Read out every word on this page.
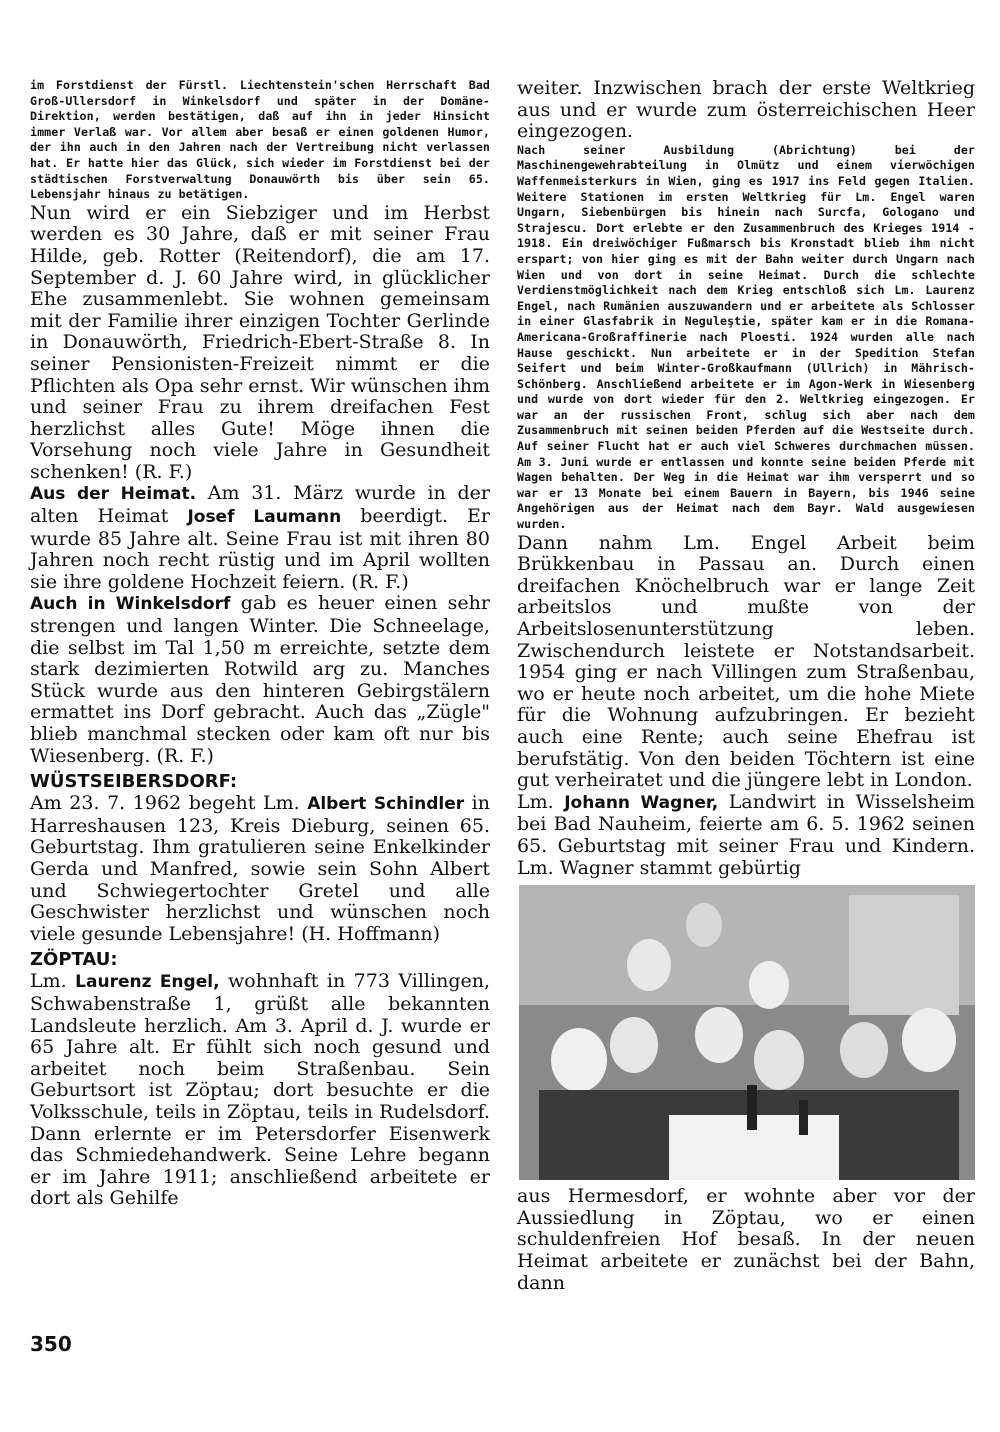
im Forstdienst der Fürstl. Liechtenstein'schen Herrschaft Bad Groß-Ullersdorf in Winkelsdorf und später in der Domäne-Direktion, werden bestätigen, daß auf ihn in jeder Hinsicht immer Verlaß war. Vor allem aber besaß er einen goldenen Humor, der ihn auch in den Jahren nach der Vertreibung nicht verlassen hat. Er hatte hier das Glück, sich wieder im Forstdienst bei der städtischen Forstverwaltung Donauwörth bis über sein 65. Lebensjahr hinaus zu betätigen.

Nun wird er ein Siebziger und im Herbst werden es 30 Jahre, daß er mit seiner Frau Hilde, geb. Rotter (Reitendorf), die am 17. September d. J. 60 Jahre wird, in glücklicher Ehe zusammenlebt. Sie wohnen gemeinsam mit der Familie ihrer einzigen Tochter Gerlinde in Donauwörth, Friedrich-Ebert-Straße 8. In seiner Pensionisten-Freizeit nimmt er die Pflichten als Opa sehr ernst. Wir wünschen ihm und seiner Frau zu ihrem dreifachen Fest herzlichst alles Gute! Möge ihnen die Vorsehung noch viele Jahre in Gesundheit schenken! (R. F.)

Aus der Heimat. Am 31. März wurde in der alten Heimat Josef Laumann beerdigt. Er wurde 85 Jahre alt. Seine Frau ist mit ihren 80 Jahren noch recht rüstig und im April wollten sie ihre goldene Hochzeit feiern. (R. F.)

Auch in Winkelsdorf gab es heuer einen sehr strengen und langen Winter. Die Schneelage, die selbst im Tal 1,50 m erreichte, setzte dem stark dezimierten Rotwild arg zu. Manches Stück wurde aus den hinteren Gebirgstälern ermattet ins Dorf gebracht. Auch das „Zügle" blieb manchmal stecken oder kam oft nur bis Wiesenberg. (R. F.)

WÜSTSEIBERSDORF:

Am 23. 7. 1962 begeht Lm. Albert Schindler in Harreshausen 123, Kreis Dieburg, seinen 65. Geburtstag. Ihm gratulieren seine Enkelkinder Gerda und Manfred, sowie sein Sohn Albert und Schwiegertochter Gretel und alle Geschwister herzlichst und wünschen noch viele gesunde Lebensjahre! (H. Hoffmann)

ZÖPTAU:

Lm. Laurenz Engel, wohnhaft in 773 Villingen, Schwabenstraße 1, grüßt alle bekannten Landsleute herzlich. Am 3. April d. J. wurde er 65 Jahre alt. Er fühlt sich noch gesund und arbeitet noch beim Straßenbau. Sein Geburtsort ist Zöptau; dort besuchte er die Volksschule, teils in Zöptau, teils in Rudelsdorf. Dann erlernte er im Petersdorfer Eisenwerk das Schmiedehandwerk. Seine Lehre begann er im Jahre 1911; anschließend arbeitete er dort als Gehilfe

weiter. Inzwischen brach der erste Weltkrieg aus und er wurde zum österreichischen Heer eingezogen.

Nach seiner Ausbildung (Abrichtung) bei der Maschinengewehrabteilung in Olmütz und einem vierwöchigen Waffenmeisterkurs in Wien, ging es 1917 ins Feld gegen Italien. Weitere Stationen im ersten Weltkrieg für Lm. Engel waren Ungarn, Siebenbürgen bis hinein nach Surcfa, Gologano und Strajescu. Dort erlebte er den Zusammenbruch des Krieges 1914 - 1918. Ein dreiwöchiger Fußmarsch bis Kronstadt blieb ihm nicht erspart; von hier ging es mit der Bahn weiter durch Ungarn nach Wien und von dort in seine Heimat. Durch die schlechte Verdienstmöglichkeit nach dem Krieg entschloß sich Lm. Laurenz Engel, nach Rumänien auszuwandern und er arbeitete als Schlosser in einer Glasfabrik in Neguleştie, später kam er in die Romana-Americana-Großraffinerie nach Ploesti. 1924 wurden alle nach Hause geschickt. Nun arbeitete er in der Spedition Stefan Seifert und beim Winter-Großkaufmann (Ullrich) in Mährisch-Schönberg. Anschließend arbeitete er im Agon-Werk in Wiesenberg und wurde von dort wieder für den 2. Weltkrieg eingezogen. Er war an der russischen Front, schlug sich aber nach dem Zusammenbruch mit seinen beiden Pferden auf die Westseite durch. Auf seiner Flucht hat er auch viel Schweres durchmachen müssen. Am 3. Juni wurde er entlassen und konnte seine beiden Pferde mit Wagen behalten. Der Weg in die Heimat war ihm versperrt und so war er 13 Monate bei einem Bauern in Bayern, bis 1946 seine Angehörigen aus der Heimat nach dem Bayr. Wald ausgewiesen wurden.

Dann nahm Lm. Engel Arbeit beim Brükkenbau in Passau an. Durch einen dreifachen Knöchelbruch war er lange Zeit arbeitslos und mußte von der Arbeitslosenunterstützung leben. Zwischendurch leistete er Notstandsarbeit. 1954 ging er nach Villingen zum Straßenbau, wo er heute noch arbeitet, um die hohe Miete für die Wohnung aufzubringen. Er bezieht auch eine Rente; auch seine Ehefrau ist berufstätig. Von den beiden Töchtern ist eine gut verheiratet und die jüngere lebt in London.

Lm. Johann Wagner, Landwirt in Wisselsheim bei Bad Nauheim, feierte am 6. 5. 1962 seinen 65. Geburtstag mit seiner Frau und Kindern. Lm. Wagner stammt gebürtig

aus Hermesdorf, er wohnte aber vor der Aussiedlung in Zöptau, wo er einen schuldenfreien Hof besaß. In der neuen Heimat arbeitete er zunächst bei der Bahn, dann

350
